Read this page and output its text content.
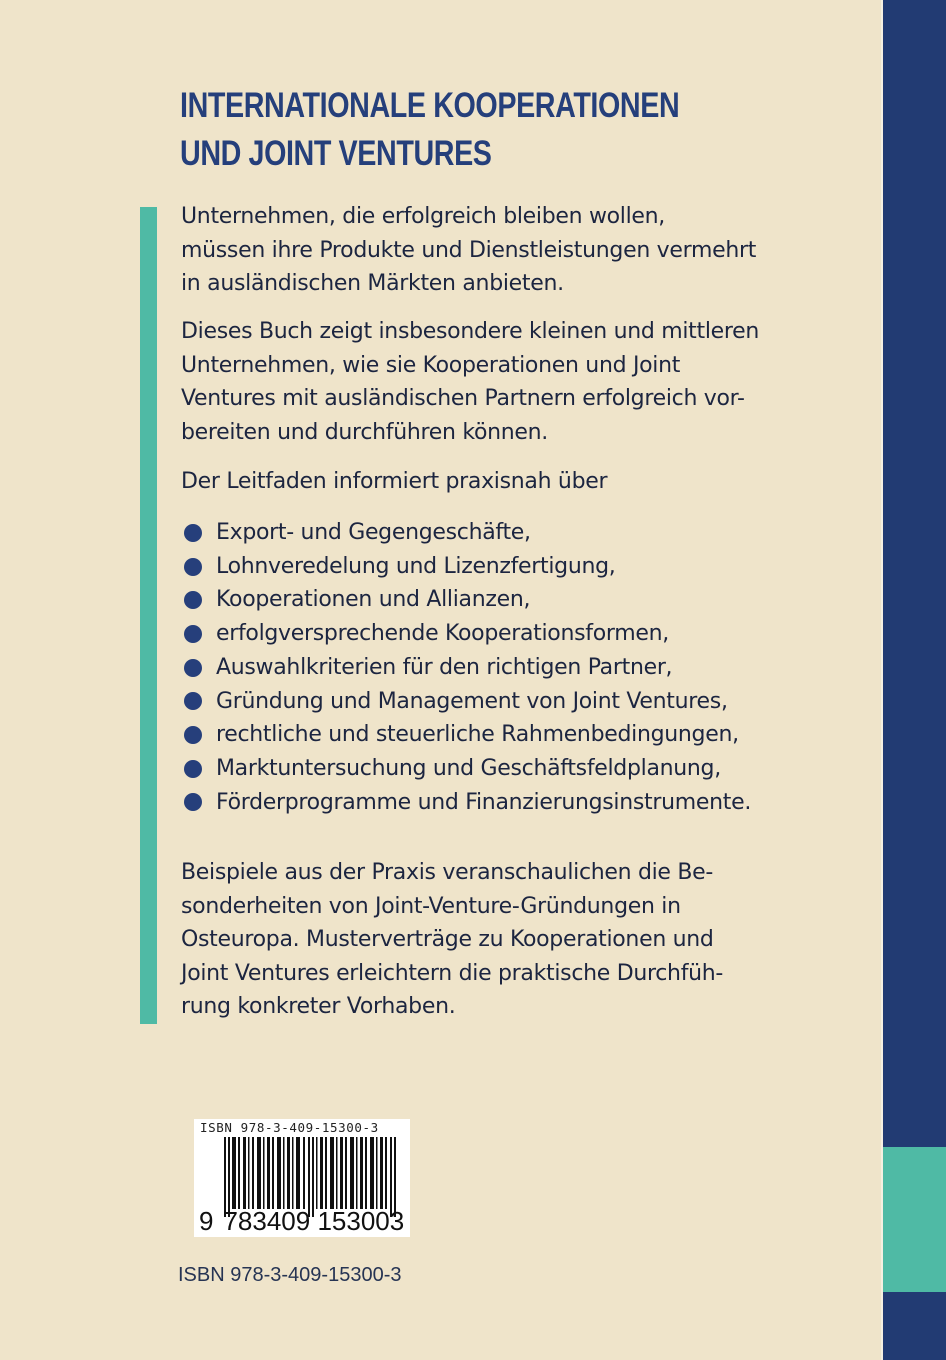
INTERNATIONALE KOOPERATIONEN
UND JOINT VENTURES
Unternehmen, die erfolgreich bleiben wollen,
müssen ihre Produkte und Dienstleistungen vermehrt
in ausländischen Märkten anbieten.
Dieses Buch zeigt insbesondere kleinen und mittleren
Unternehmen, wie sie Kooperationen und Joint
Ventures mit ausländischen Partnern erfolgreich vor-
bereiten und durchführen können.
Der Leitfaden informiert praxisnah über
Export- und Gegengeschäfte,
Lohnveredelung und Lizenzfertigung,
Kooperationen und Allianzen,
erfolgversprechende Kooperationsformen,
Auswahlkriterien für den richtigen Partner,
Gründung und Management von Joint Ventures,
rechtliche und steuerliche Rahmenbedingungen,
Marktuntersuchung und Geschäftsfeldplanung,
Förderprogramme und Finanzierungsinstrumente.
Beispiele aus der Praxis veranschaulichen die Be-
sonderheiten von Joint-Venture-Gründungen in
Osteuropa. Musterverträge zu Kooperationen und
Joint Ventures erleichtern die praktische Durchfüh-
rung konkreter Vorhaben.
ISBN 978-3-409-15300-3
9 783409 153003
ISBN 978-3-409-15300-3
